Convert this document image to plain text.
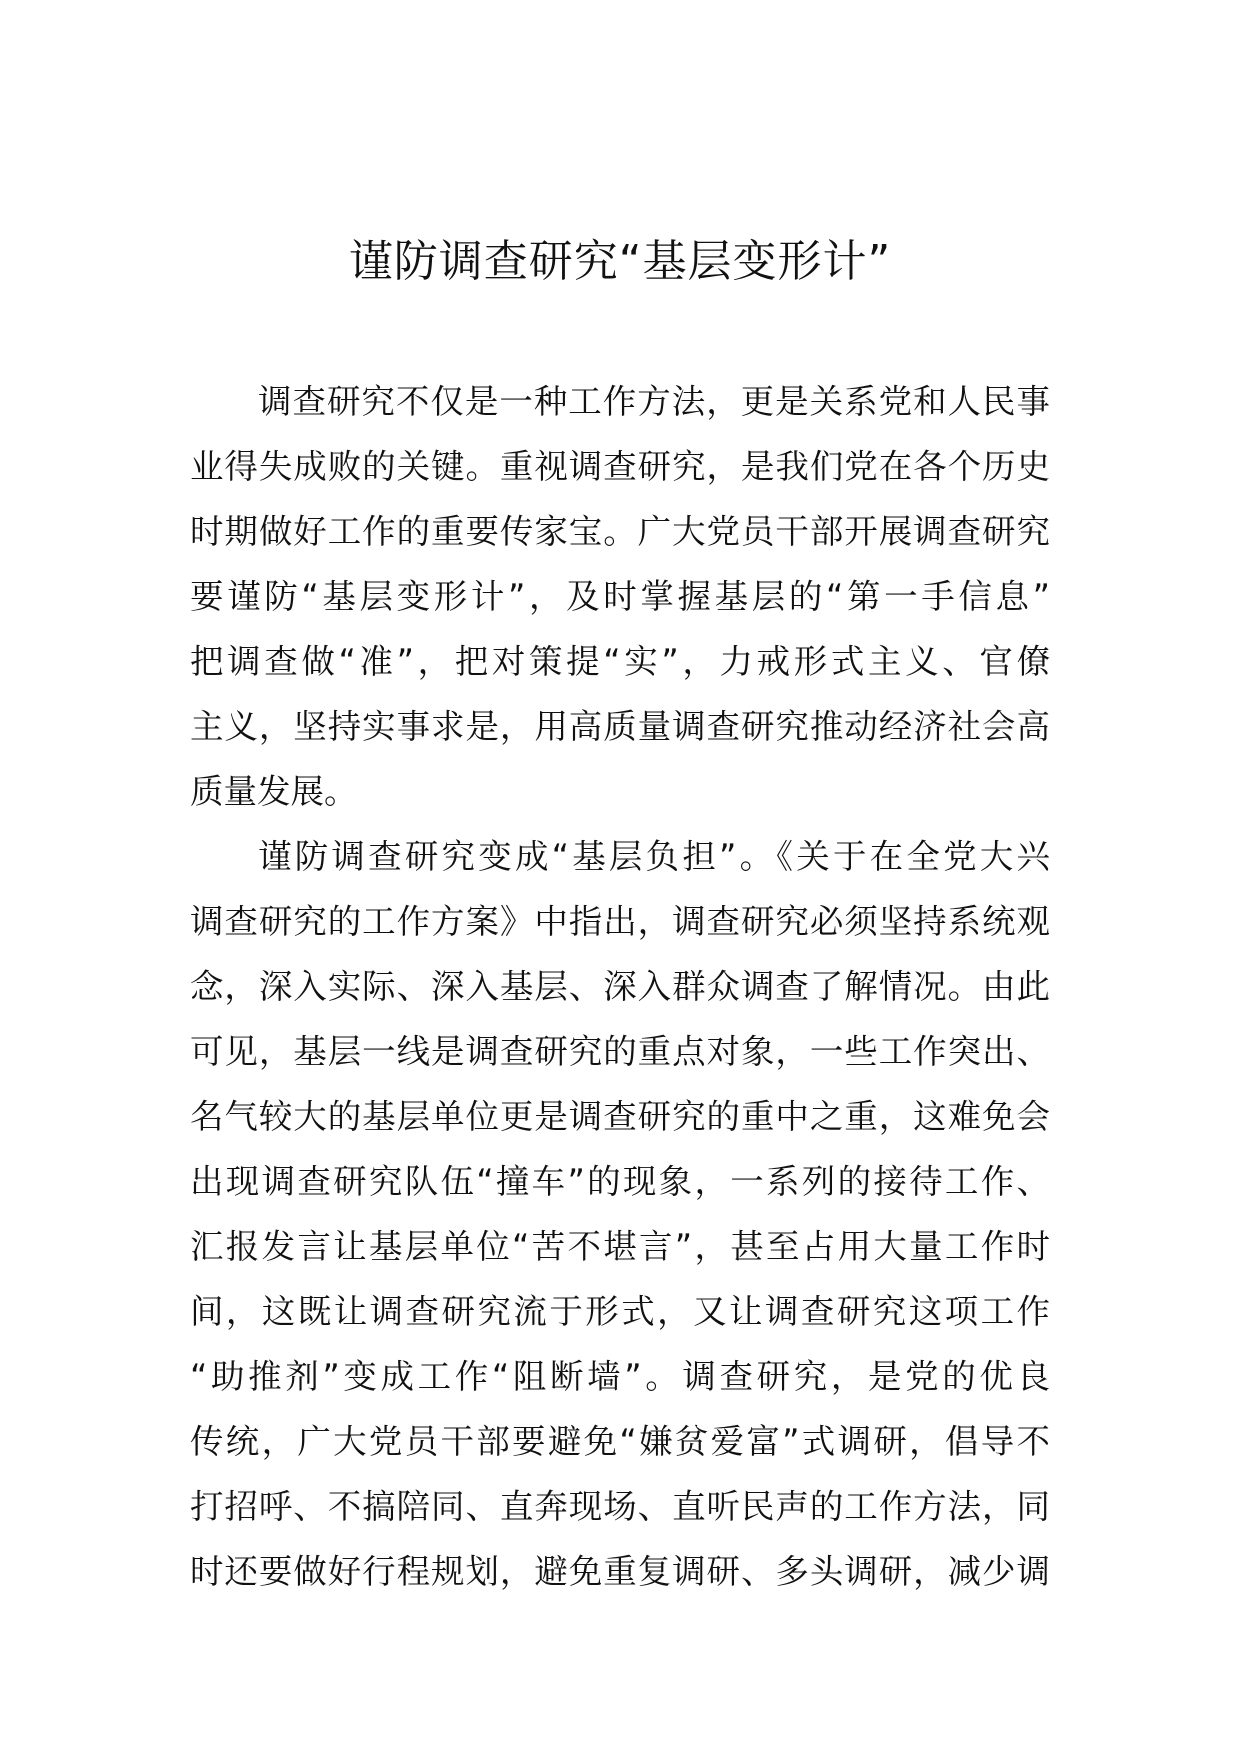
谨防调查研究“基层变形计”
调查研究不仅是一种工作方法，更是关系党和人民事
业得失成败的关键。重视调查研究，是我们党在各个历史
时期做好工作的重要传家宝。广大党员干部开展调查研究
要谨防“基层变形计”，及时掌握基层的“第一手信息”
把调查做“准”，把对策提“实”，力戒形式主义、官僚
主义，坚持实事求是，用高质量调查研究推动经济社会高
质量发展。
谨防调查研究变成“基层负担”。《关于在全党大兴
调查研究的工作方案》中指出，调查研究必须坚持系统观
念，深入实际、深入基层、深入群众调查了解情况。由此
可见，基层一线是调查研究的重点对象，一些工作突出、
名气较大的基层单位更是调查研究的重中之重，这难免会
出现调查研究队伍“撞车”的现象，一系列的接待工作、
汇报发言让基层单位“苦不堪言”，甚至占用大量工作时
间，这既让调查研究流于形式，又让调查研究这项工作
“助推剂”变成工作“阻断墙”。调查研究，是党的优良
传统，广大党员干部要避免“嫌贫爱富”式调研，倡导不
打招呼、不搞陪同、直奔现场、直听民声的工作方法，同
时还要做好行程规划，避免重复调研、多头调研，减少调
